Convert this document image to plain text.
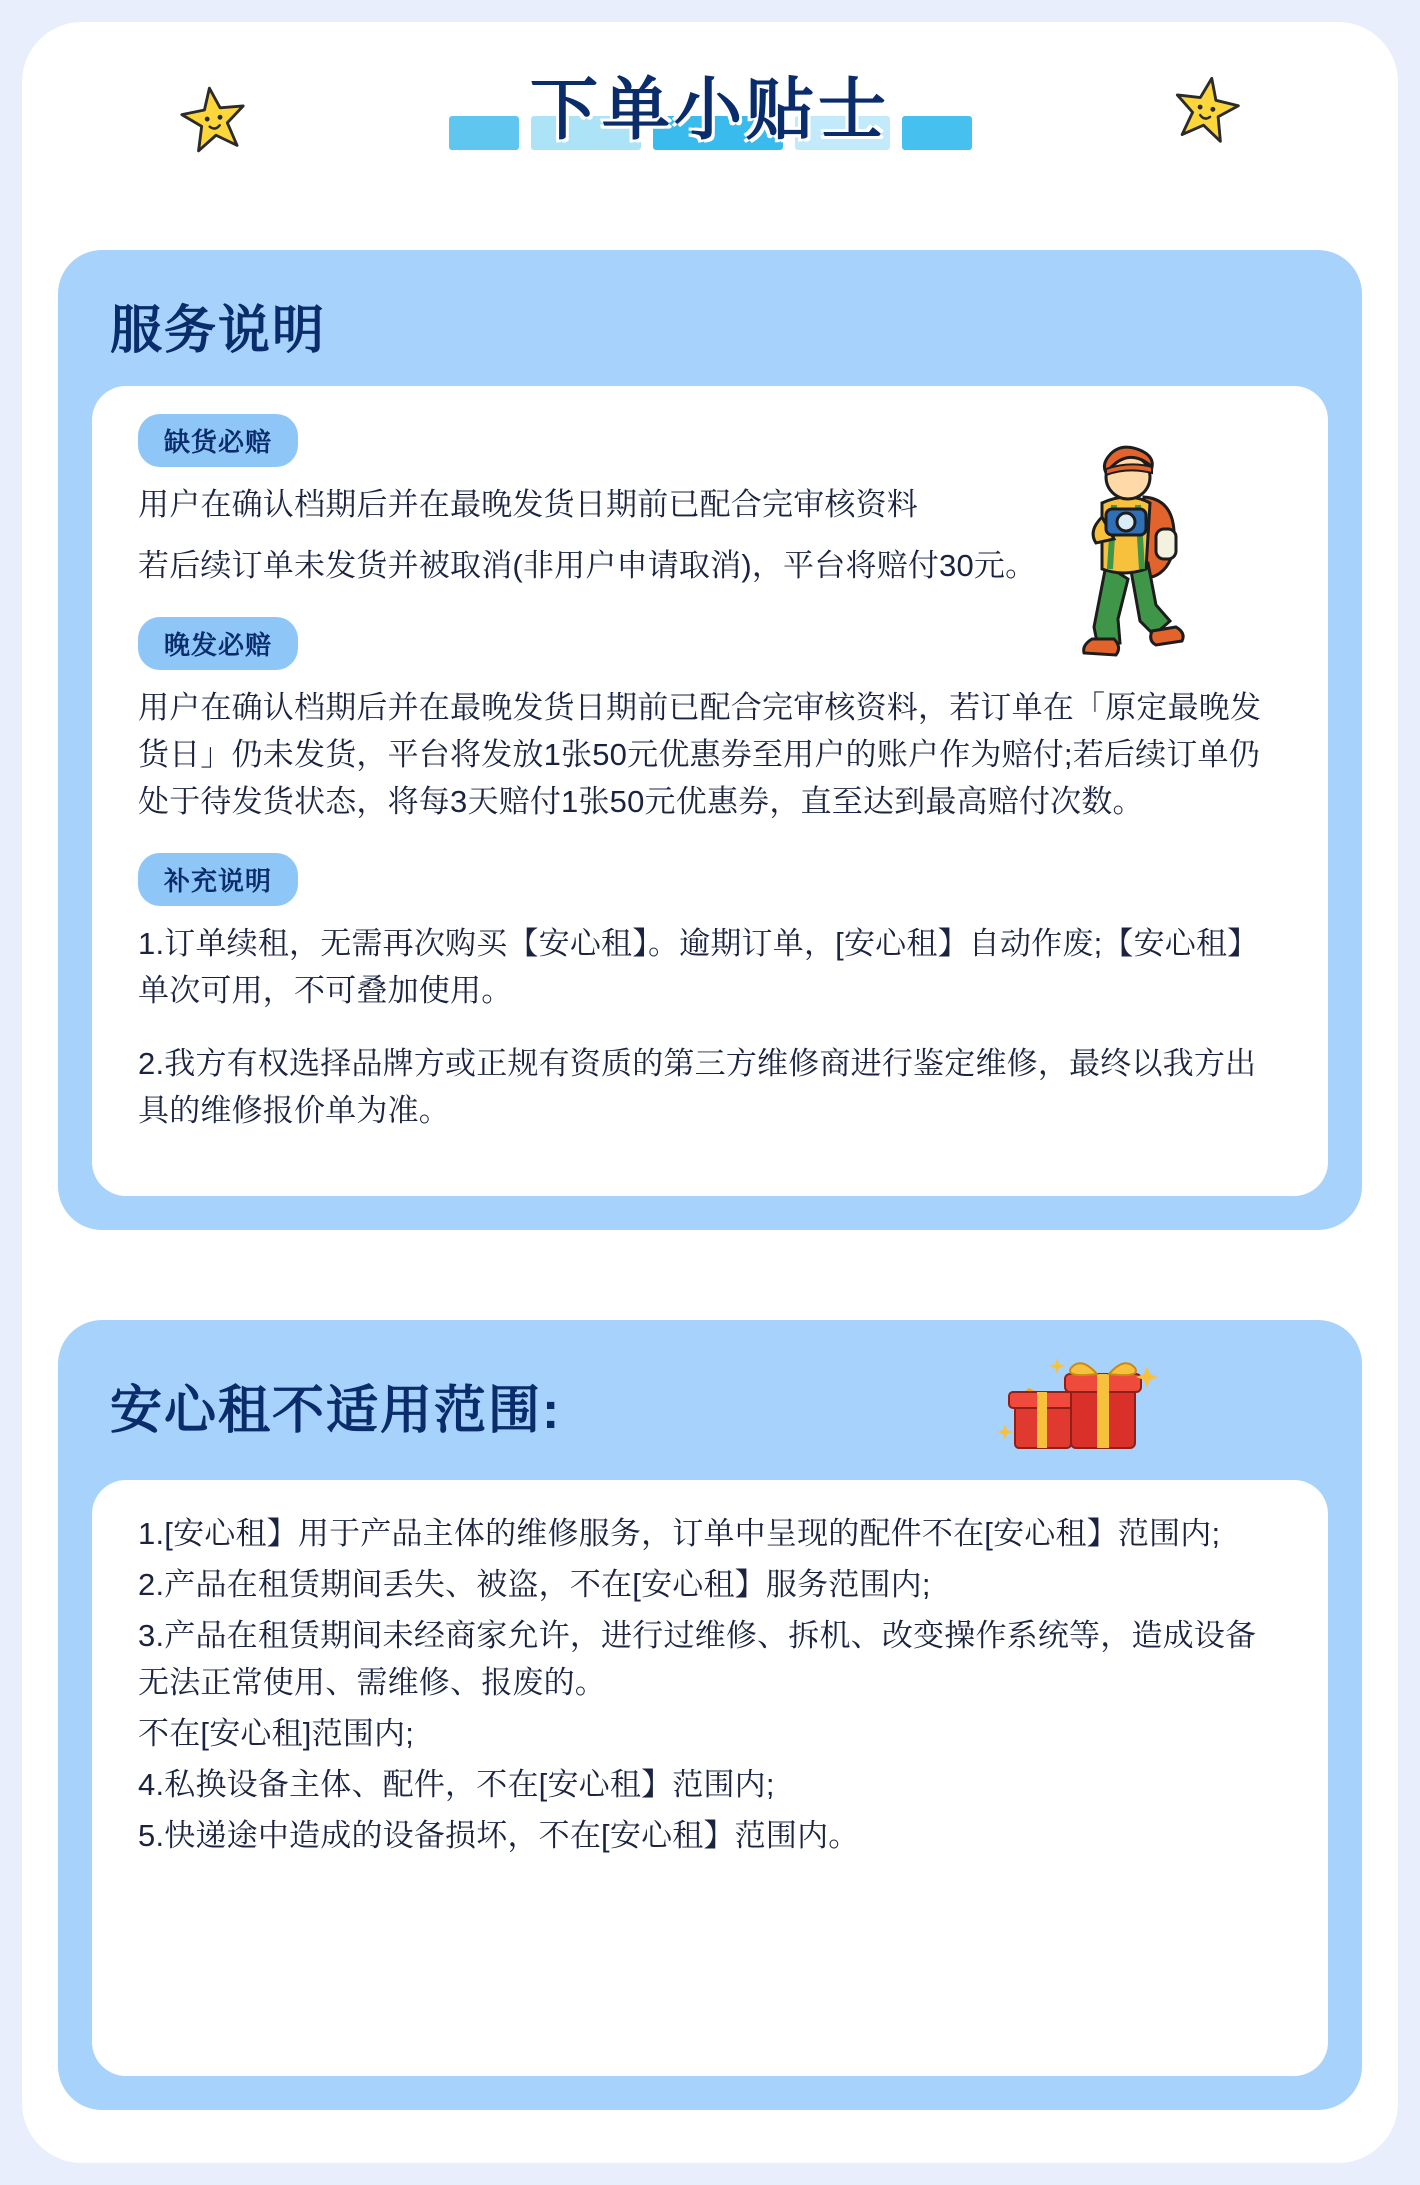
下单小贴士
服务说明
缺货必赔

用户在确认档期后并在最晚发货日期前已配合完审核资料

若后续订单未发货并被取消(非用户申请取消)，平台将赔付30元。

晚发必赔

用户在确认档期后并在最晚发货日期前已配合完审核资料，若订单在「原定最晚发货日」仍未发货，平台将发放1张50元优惠券至用户的账户作为赔付;若后续订单仍处于待发货状态，将每3天赔付1张50元优惠券，直至达到最高赔付次数。

补充说明

1.订单续租，无需再次购买【安心租】。逾期订单，[安心租】自动作废;【安心租】单次可用，不可叠加使用。

2.我方有权选择品牌方或正规有资质的第三方维修商进行鉴定维修，最终以我方出具的维修报价单为准。

安心租不适用范围:

1.[安心租】用于产品主体的维修服务，订单中呈现的配件不在[安心租】范围内;

2.产品在租赁期间丢失、被盗，不在[安心租】服务范围内;

3.产品在租赁期间未经商家允许，进行过维修、拆机、改变操作系统等，造成设备无法正常使用、需维修、报废的。

不在[安心租]范围内;

4.私换设备主体、配件，不在[安心租】范围内;

5.快递途中造成的设备损坏，不在[安心租】范围内。
